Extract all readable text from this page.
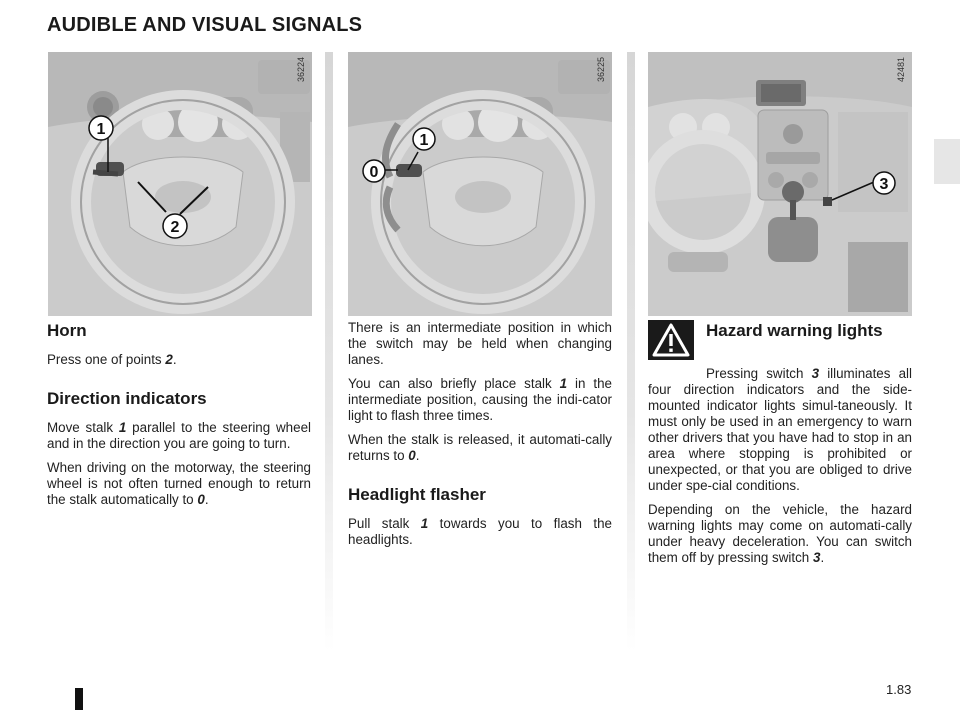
AUDIBLE AND VISUAL SIGNALS
1
2
36224
1
0
36225
3
42481
Horn

Press one of points 2.

Direction indicators

Move stalk 1 parallel to the steering wheel and in the direction you are going to turn.

When driving on the motorway, the steering wheel is not often turned enough to return the stalk automatically to 0.

There is an intermediate position in which the switch may be held when changing lanes.

You can also briefly place stalk 1 in the intermediate position, causing the indi-cator light to flash three times.

When the stalk is released, it automati-cally returns to 0.

Headlight flasher

Pull stalk 1 towards you to flash the headlights.

Hazard warning lights

Pressing switch 3 illuminates all four direction indicators and the side-mounted indicator lights simul-taneously. It must only be used in an emergency to warn other drivers that you have had to stop in an area where stopping is prohibited or unexpected, or that you are obliged to drive under spe-cial conditions.

Depending on the vehicle, the hazard warning lights may come on automati-cally under heavy deceleration. You can switch them off by pressing switch 3.

1.83
